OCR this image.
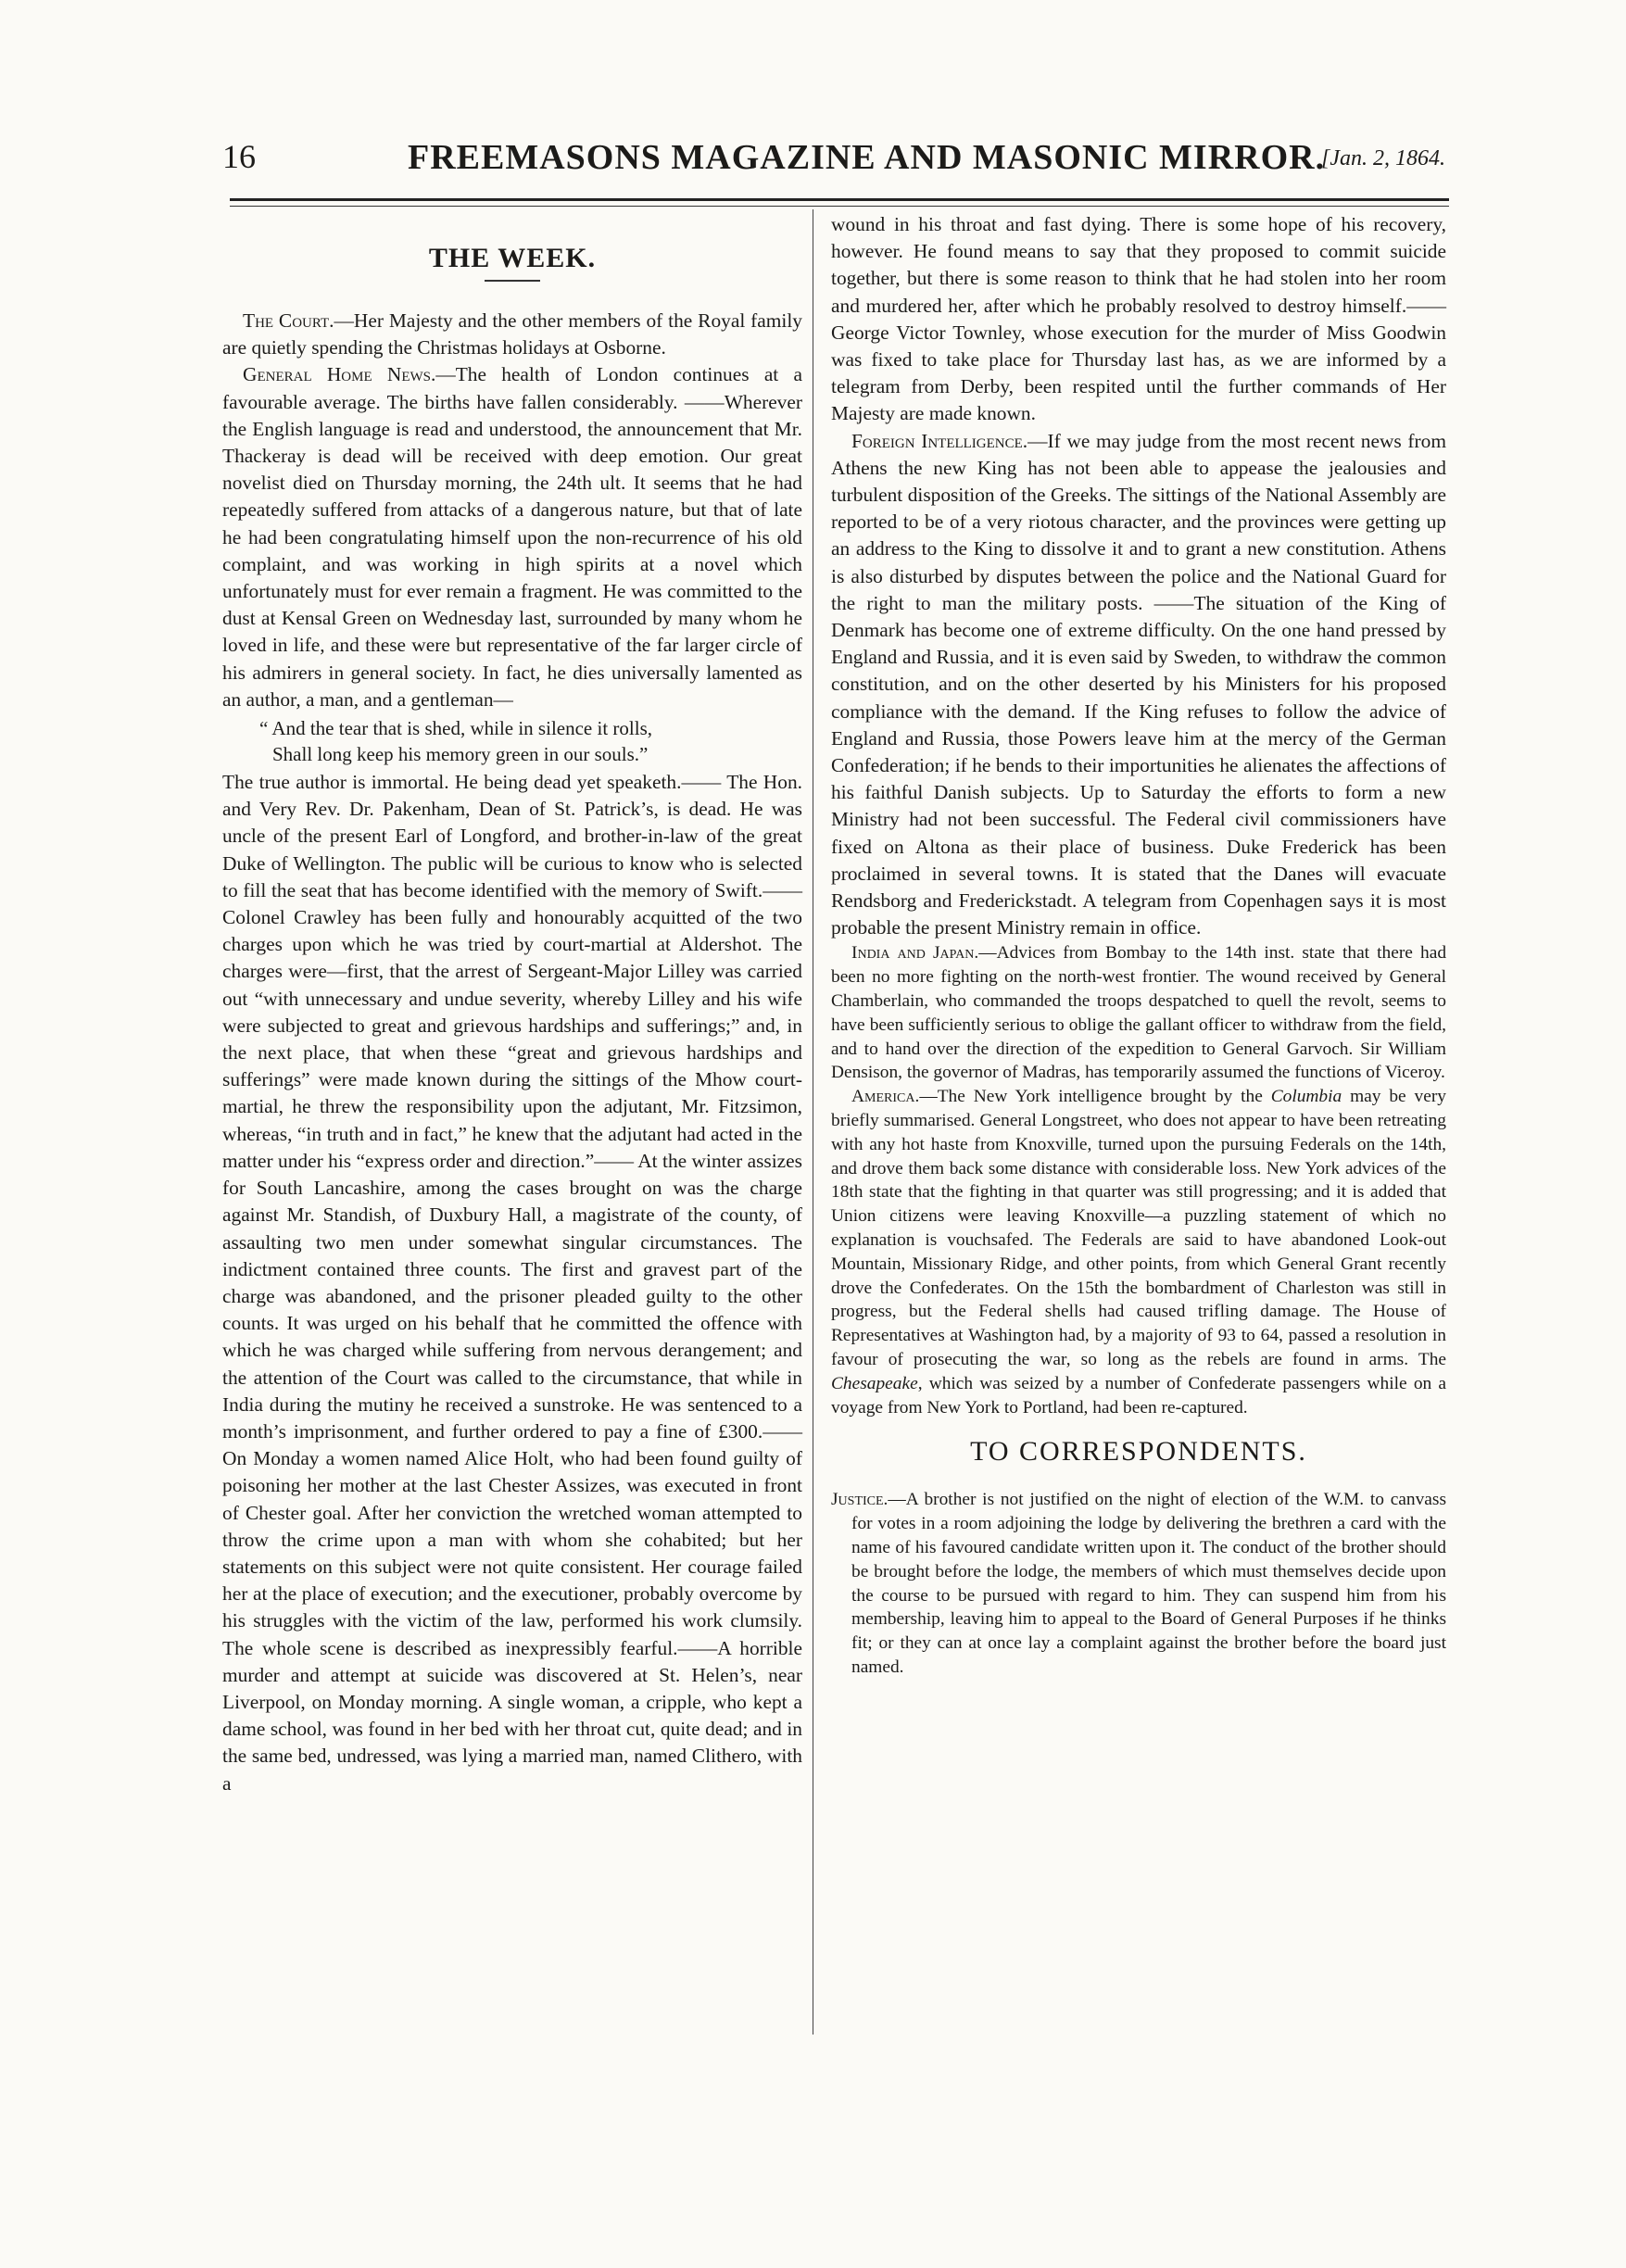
16	FREEMASONS MAGAZINE AND MASONIC MIRROR.
[Jan. 2, 1864.
THE WEEK.

The Court.—Her Majesty and the other members of the Royal family are quietly spending the Christmas holidays at Osborne.

General Home News.—The health of London continues at a favourable average. The births have fallen considerably. ——Wherever the English language is read and understood, the announcement that Mr. Thackeray is dead will be received with deep emotion. Our great novelist died on Thursday morning, the 24th ult. It seems that he had repeatedly suffered from attacks of a dangerous nature, but that of late he had been congratulating himself upon the non-recurrence of his old complaint, and was working in high spirits at a novel which unfortunately must for ever remain a fragment. He was committed to the dust at Kensal Green on Wednesday last, surrounded by many whom he loved in life, and these were but representative of the far larger circle of his admirers in general society. In fact, he dies universally lamented as an author, a man, and a gentleman—

“ And the tear that is shed, while in silence it rolls,
Shall long keep his memory green in our souls.”

The true author is immortal. He being dead yet speaketh.—— The Hon. and Very Rev. Dr. Pakenham, Dean of St. Patrick’s, is dead. He was uncle of the present Earl of Longford, and brother-in-law of the great Duke of Wellington. The public will be curious to know who is selected to fill the seat that has become identified with the memory of Swift.——Colonel Crawley has been fully and honourably acquitted of the two charges upon which he was tried by court-martial at Aldershot. The charges were—first, that the arrest of Sergeant-Major Lilley was carried out “with unnecessary and undue severity, whereby Lilley and his wife were subjected to great and grievous hardships and sufferings;” and, in the next place, that when these “great and grievous hardships and sufferings” were made known during the sittings of the Mhow court-martial, he threw the responsibility upon the adjutant, Mr. Fitzsimon, whereas, “in truth and in fact,” he knew that the adjutant had acted in the matter under his “express order and direction.”—— At the winter assizes for South Lancashire, among the cases brought on was the charge against Mr. Standish, of Duxbury Hall, a magistrate of the county, of assaulting two men under somewhat singular circumstances. The indictment contained three counts. The first and gravest part of the charge was abandoned, and the prisoner pleaded guilty to the other counts. It was urged on his behalf that he committed the offence with which he was charged while suffering from nervous derangement; and the attention of the Court was called to the circumstance, that while in India during the mutiny he received a sunstroke. He was sentenced to a month’s imprisonment, and further ordered to pay a fine of £300.——On Monday a women named Alice Holt, who had been found guilty of poisoning her mother at the last Chester Assizes, was executed in front of Chester goal. After her conviction the wretched woman attempted to throw the crime upon a man with whom she cohabited; but her statements on this subject were not quite consistent. Her courage failed her at the place of execution; and the executioner, probably overcome by his struggles with the victim of the law, performed his work clumsily. The whole scene is described as inexpressibly fearful.——A horrible murder and attempt at suicide was discovered at St. Helen’s, near Liverpool, on Monday morning. A single woman, a cripple, who kept a dame school, was found in her bed with her throat cut, quite dead; and in the same bed, undressed, was lying a married man, named Clithero, with a

wound in his throat and fast dying. There is some hope of his recovery, however. He found means to say that they proposed to commit suicide together, but there is some reason to think that he had stolen into her room and murdered her, after which he probably resolved to destroy himself.——George Victor Townley, whose execution for the murder of Miss Goodwin was fixed to take place for Thursday last has, as we are informed by a telegram from Derby, been respited until the further commands of Her Majesty are made known.

Foreign Intelligence.—If we may judge from the most recent news from Athens the new King has not been able to appease the jealousies and turbulent disposition of the Greeks. The sittings of the National Assembly are reported to be of a very riotous character, and the provinces were getting up an address to the King to dissolve it and to grant a new constitution. Athens is also disturbed by disputes between the police and the National Guard for the right to man the military posts. ——The situation of the King of Denmark has become one of extreme difficulty. On the one hand pressed by England and Russia, and it is even said by Sweden, to withdraw the common constitution, and on the other deserted by his Ministers for his proposed compliance with the demand. If the King refuses to follow the advice of England and Russia, those Powers leave him at the mercy of the German Confederation; if he bends to their importunities he alienates the affections of his faithful Danish subjects. Up to Saturday the efforts to form a new Ministry had not been successful. The Federal civil commissioners have fixed on Altona as their place of business. Duke Frederick has been proclaimed in several towns. It is stated that the Danes will evacuate Rendsborg and Frederickstadt. A telegram from Copenhagen says it is most probable the present Ministry remain in office.

India and Japan.—Advices from Bombay to the 14th inst. state that there had been no more fighting on the north-west frontier. The wound received by General Chamberlain, who commanded the troops despatched to quell the revolt, seems to have been sufficiently serious to oblige the gallant officer to withdraw from the field, and to hand over the direction of the expedition to General Garvoch. Sir William Densison, the governor of Madras, has temporarily assumed the functions of Viceroy.

America.—The New York intelligence brought by the Columbia may be very briefly summarised. General Longstreet, who does not appear to have been retreating with any hot haste from Knoxville, turned upon the pursuing Federals on the 14th, and drove them back some distance with considerable loss. New York advices of the 18th state that the fighting in that quarter was still progressing; and it is added that Union citizens were leaving Knoxville—a puzzling statement of which no explanation is vouchsafed. The Federals are said to have abandoned Look-out Mountain, Missionary Ridge, and other points, from which General Grant recently drove the Confederates. On the 15th the bombardment of Charleston was still in progress, but the Federal shells had caused trifling damage. The House of Representatives at Washington had, by a majority of 93 to 64, passed a resolution in favour of prosecuting the war, so long as the rebels are found in arms. The Chesapeake, which was seized by a number of Confederate passengers while on a voyage from New York to Portland, had been re-captured.

TO CORRESPONDENTS.

Justice.—A brother is not justified on the night of election of the W.M. to canvass for votes in a room adjoining the lodge by delivering the brethren a card with the name of his favoured candidate written upon it. The conduct of the brother should be brought before the lodge, the members of which must themselves decide upon the course to be pursued with regard to him. They can suspend him from his membership, leaving him to appeal to the Board of General Purposes if he thinks fit; or they can at once lay a complaint against the brother before the board just named.
